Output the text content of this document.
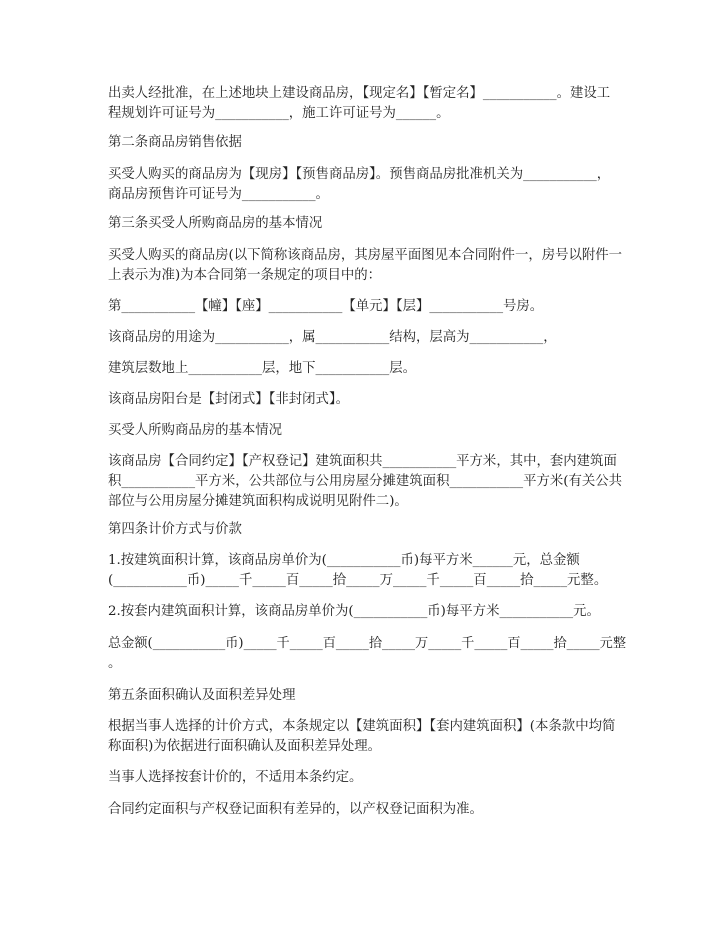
出卖人经批准，在上述地块上建设商品房，【现定名】【暂定名】___________。建设工
程规划许可证号为___________，施工许可证号为______。
第二条商品房销售依据
买受人购买的商品房为【现房】【预售商品房】。预售商品房批准机关为___________，
商品房预售许可证号为___________。
第三条买受人所购商品房的基本情况
买受人购买的商品房(以下简称该商品房，其房屋平面图见本合同附件一，房号以附件一
上表示为准)为本合同第一条规定的项目中的：
第___________【幢】【座】___________【单元】【层】___________号房。
该商品房的用途为___________，属___________结构，层高为___________，
建筑层数地上___________层，地下___________层。
该商品房阳台是【封闭式】【非封闭式】。
买受人所购商品房的基本情况
该商品房【合同约定】【产权登记】建筑面积共___________平方米，其中，套内建筑面
积___________平方米，公共部位与公用房屋分摊建筑面积___________平方米(有关公共
部位与公用房屋分摊建筑面积构成说明见附件二)。
第四条计价方式与价款
1.按建筑面积计算，该商品房单价为(___________币)每平方米______元，总金额
(___________币)_____千_____百_____拾_____万_____千_____百_____拾_____元整。
2.按套内建筑面积计算，该商品房单价为(___________币)每平方米___________元。
总金额(___________币)_____千_____百_____拾_____万_____千_____百_____拾_____元整
。
第五条面积确认及面积差异处理
根据当事人选择的计价方式，本条规定以【建筑面积】【套内建筑面积】(本条款中均简
称面积)为依据进行面积确认及面积差异处理。
当事人选择按套计价的，不适用本条约定。
合同约定面积与产权登记面积有差异的，以产权登记面积为准。
